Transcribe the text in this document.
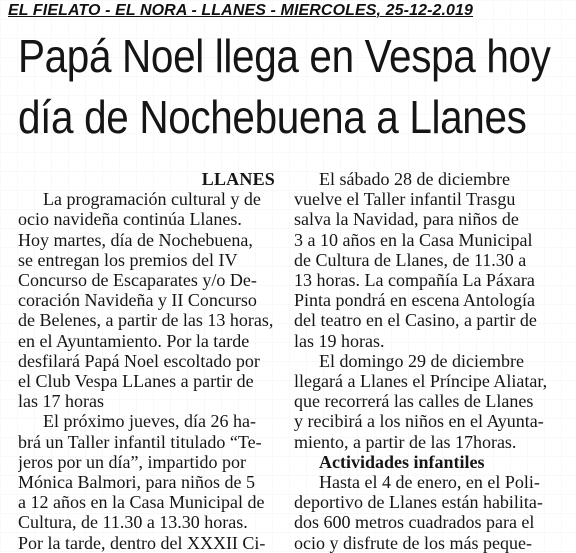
EL FIELATO - EL NORA - LLANES - MIERCOLES, 25-12-2.019
Papá Noel llega en Vespa hoy
día de Nochebuena a Llanes
LLANES
La programación cultural y de
ocio navideña continúa Llanes.
Hoy martes, día de Nochebuena,
se entregan los premios del IV
Concurso de Escaparates y/o De-
coración Navideña y II Concurso
de Belenes, a partir de las 13 horas,
en el Ayuntamiento. Por la tarde
desfilará Papá Noel escoltado por
el Club Vespa LLanes a partir de
las 17 horas
El próximo jueves, día 26 ha-
brá un Taller infantil titulado “Te-
jeros por un día”, impartido por
Mónica Balmori, para niños de 5
a 12 años en la Casa Municipal de
Cultura, de 11.30 a 13.30 horas.
Por la tarde, dentro del XXXII Ci-
El sábado 28 de diciembre
vuelve el Taller infantil Trasgu
salva la Navidad, para niños de
3 a 10 años en la Casa Municipal
de Cultura de Llanes, de 11.30 a
13 horas. La compañía La Páxara
Pinta pondrá en escena Antología
del teatro en el Casino, a partir de
las 19 horas.
El domingo 29 de diciembre
llegará a Llanes el Príncipe Aliatar,
que recorrerá las calles de Llanes
y recibirá a los niños en el Ayunta-
miento, a partir de las 17horas.
Actividades infantiles
Hasta el 4 de enero, en el Poli-
deportivo de Llanes están habilita-
dos 600 metros cuadrados para el
ocio y disfrute de los más peque-
